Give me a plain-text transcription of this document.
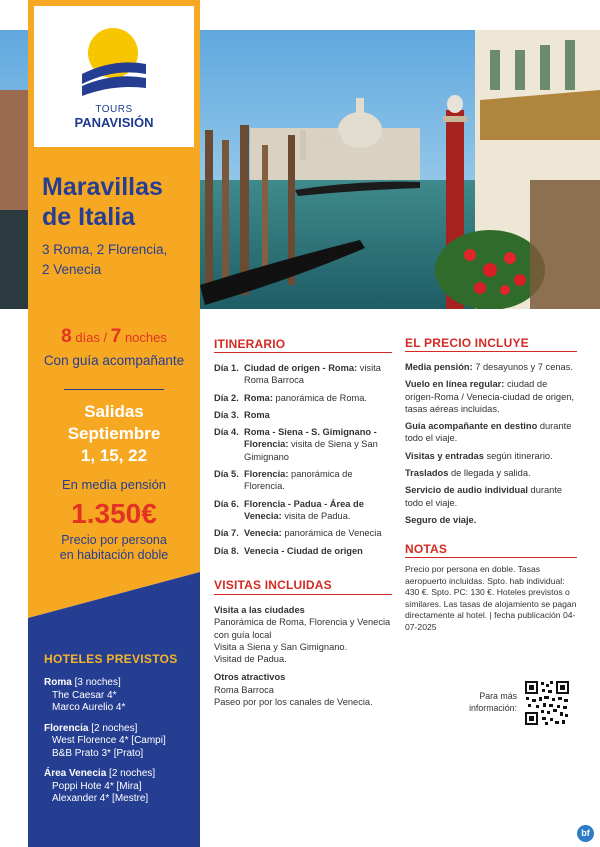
Maravillas
de Italia
3 Roma, 2 Florencia,
2 Venecia
8 días / 7 noches
Con guía acompañante
Salidas
Septiembre
1, 15, 22
En media pensión
1.350€
Precio por persona
en habitación doble
HOTELES PREVISTOS
Roma [3 noches]
The Caesar 4*
Marco Aurelio 4*
Florencia [2 noches]
West Florence 4* [Campi]
B&B Prato 3* [Prato]
Área Venecia [2 noches]
Poppi Hote 4* [Mira]
Alexander 4* [Mestre]
TOURS
PANAVISIÓN
ITINERARIO
Día 1. Ciudad de origen - Roma: visita Roma Barroca
Día 2. Roma: panorámica de Roma.
Día 3. Roma
Día 4. Roma - Siena - S. Gimignano - Florencia: visita de Siena y San Gimignano
Día 5. Florencia: panorámica de Florencia.
Día 6. Florencia - Padua - Área de Venecia: visita de Padua.
Día 7. Venecia: panorámica de Venecia
Día 8. Venecia - Ciudad de origen
VISITAS INCLUIDAS
Visita a las ciudades
Panorámica de Roma, Florencia y Venecia con guía local
Visita a Siena y San Gimignano.
Visitad de Padua.
Otros atractivos
Roma Barroca
Paseo por por los canales de Venecia.
EL PRECIO INCLUYE
Media pensión: 7 desayunos y 7 cenas.
Vuelo en línea regular: ciudad de origen-Roma / Venecia-ciudad de origen, tasas aéreas incluidas.
Guía acompañante en destino durante todo el viaje.
Visitas y entradas según itinerario.
Traslados de llegada y salida.
Servicio de audio individual durante todo el viaje.
Seguro de viaje.
NOTAS
Precio por persona en doble. Tasas aeropuerto incluidas. Spto. hab individual: 430 €. Spto. PC: 130 €. Hoteles previstos o similares. Las tasas de alojamiento se pagan directamente al hotel. | fecha publicación 04-07-2025
Para más
información:
bf
